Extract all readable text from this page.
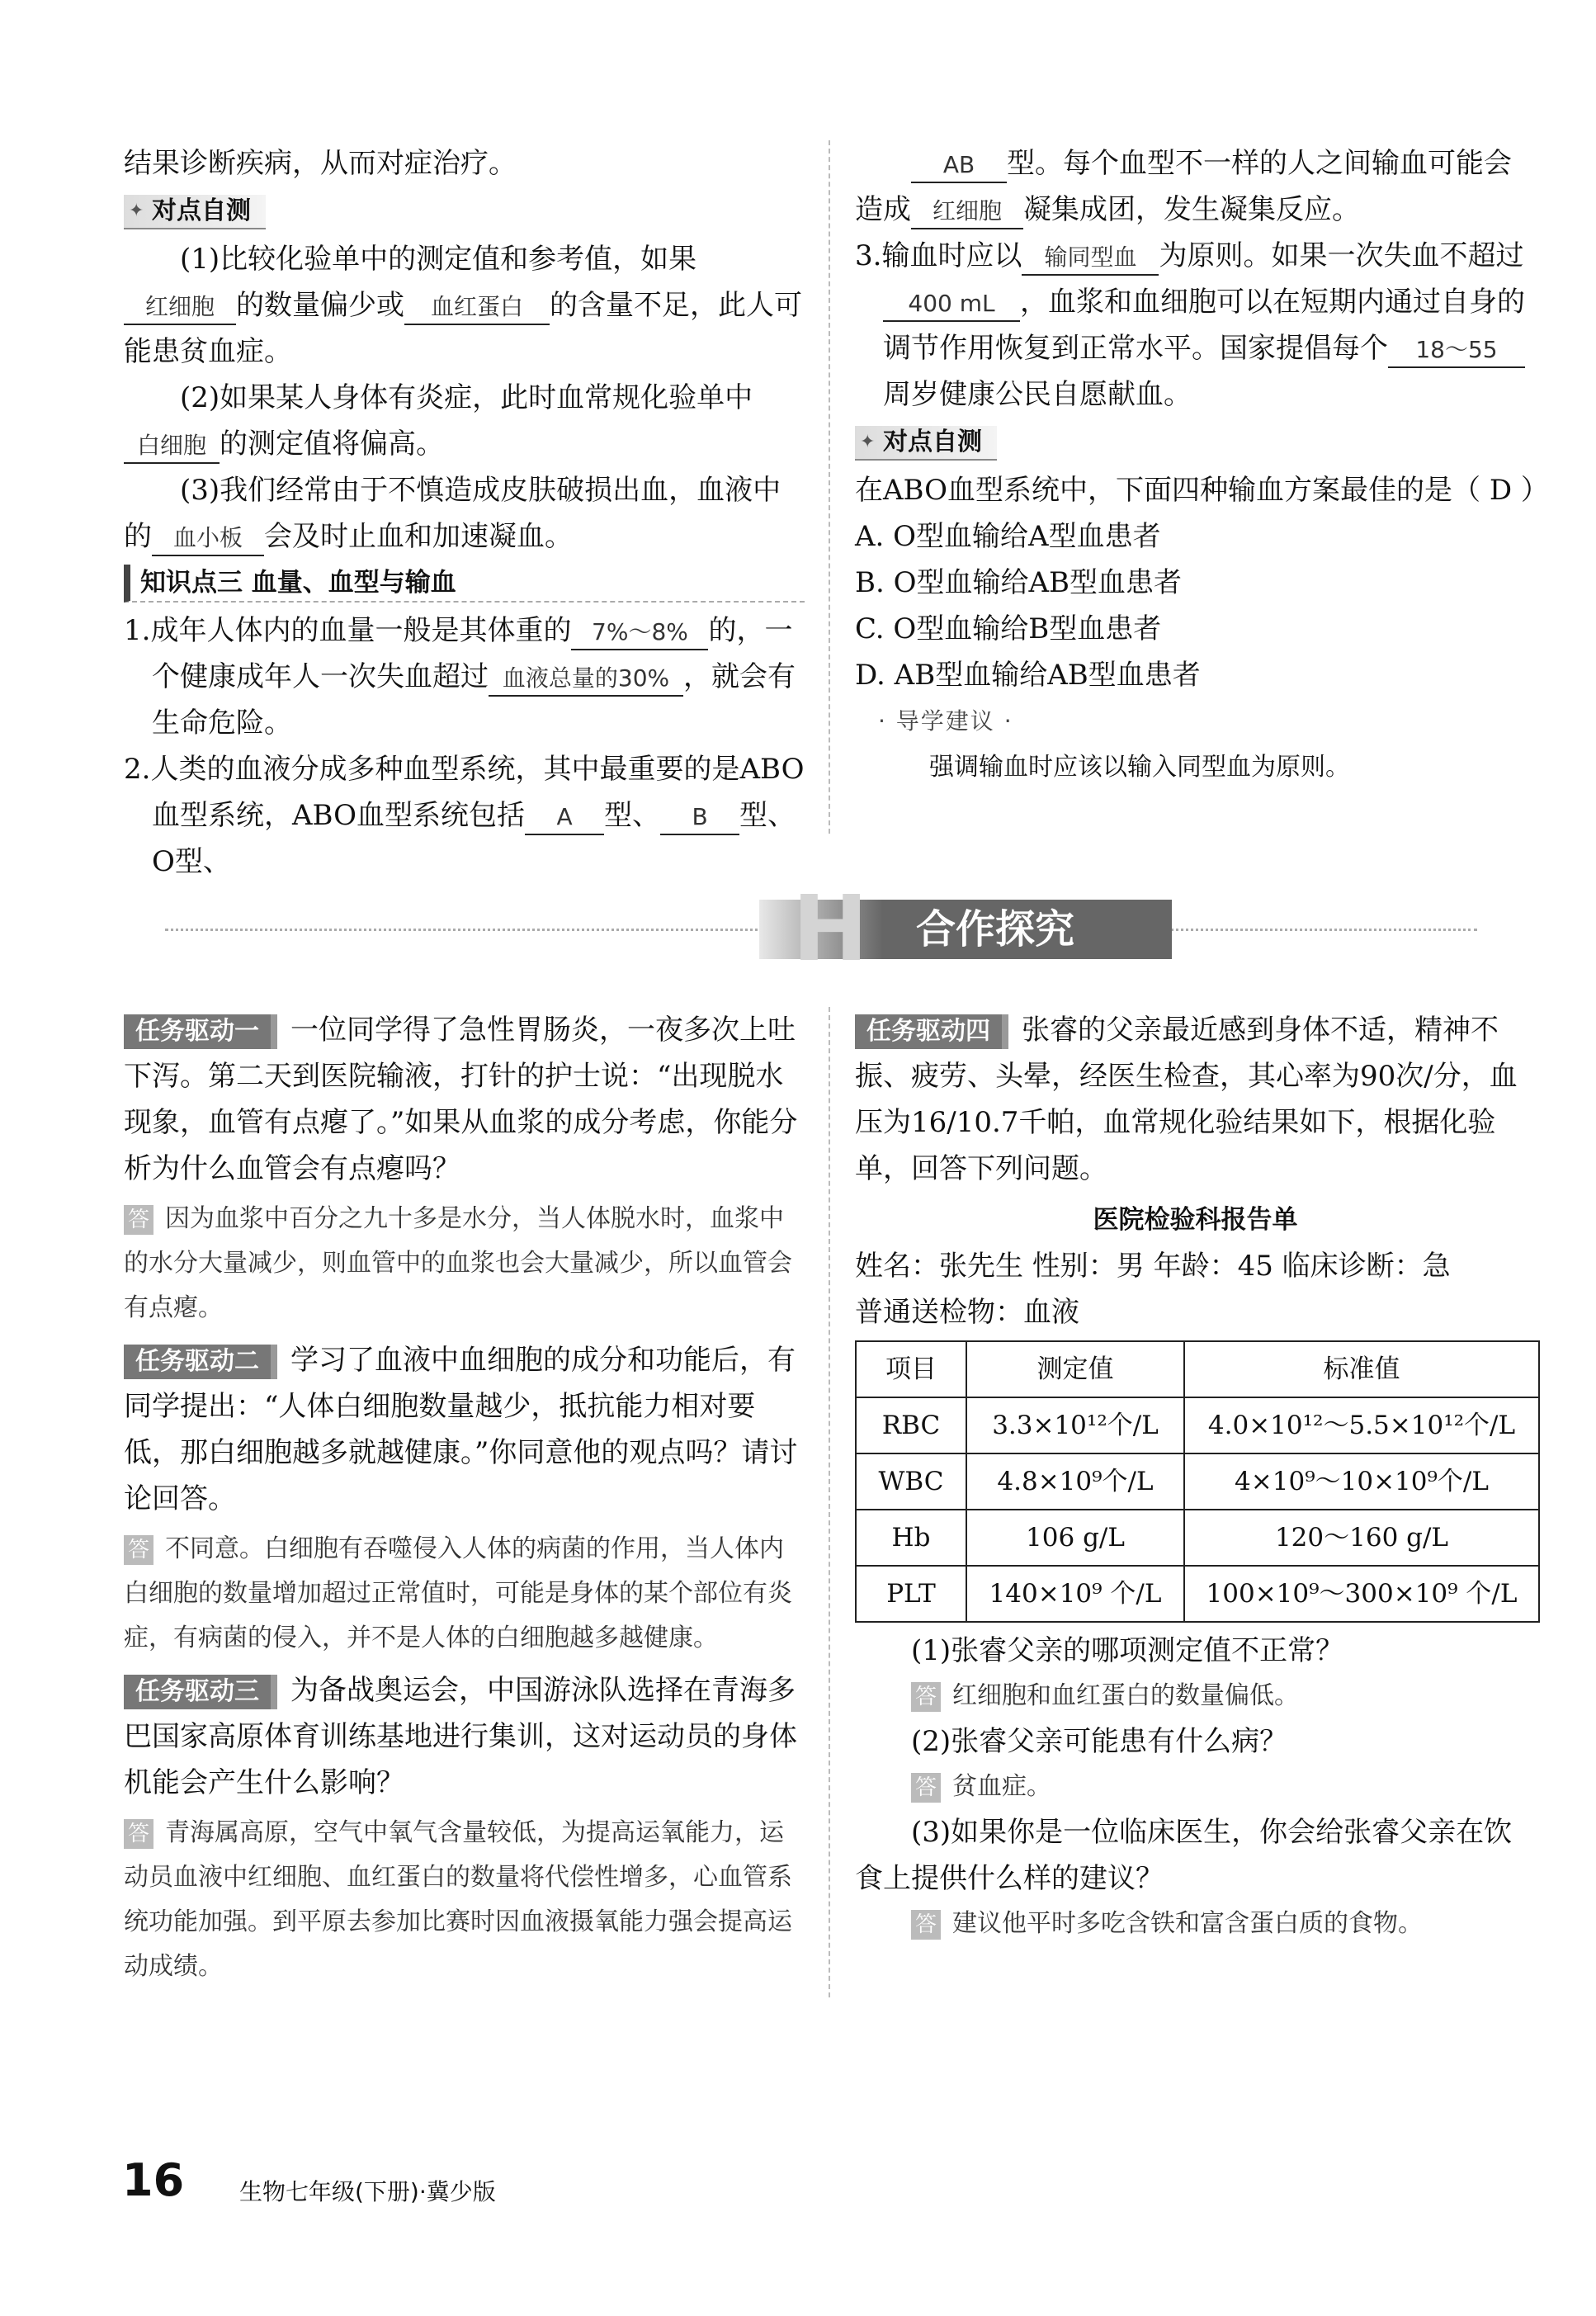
结果诊断疾病，从而对症治疗。

✦ 对点自测

(1)比较化验单中的测定值和参考值，如果红细胞 的数量偏少或 血红蛋白 的含量不足，此人可能患贫血症。

(2)如果某人身体有炎症，此时血常规化验单中白细胞 的测定值将偏高。

(3)我们经常由于不慎造成皮肤破损出血，血液中的 血小板 会及时止血和加速凝血。

知识点三 血量、血型与输血

1.成年人体内的血量一般是其体重的 7%～8% 的，一个健康成年人一次失血超过 血液总量的30% ，就会有生命危险。

2.人类的血液分成多种血型系统，其中最重要的是ABO血型系统，ABO血型系统包括 A 型、 B 型、O型、

AB 型。每个血型不一样的人之间输血可能会造成 红细胞 凝集成团，发生凝集反应。

3.输血时应以 输同型血 为原则。如果一次失血不超过400 mL ，血浆和血细胞可以在短期内通过自身的调节作用恢复到正常水平。国家提倡每个 18～55周岁健康公民自愿献血。

✦ 对点自测

在ABO血型系统中，下面四种输血方案最佳的是（ D ）

A. O型血输给A型血患者

B. O型血输给AB型血患者

C. O型血输给B型血患者

D. AB型血输给AB型血患者

· 导学建议 ·
强调输血时应该以输入同型血为原则。
合作探究
H

任务驱动一 一位同学得了急性胃肠炎，一夜多次上吐下泻。第二天到医院输液，打针的护士说：“出现脱水现象，血管有点瘪了。”如果从血浆的成分考虑，你能分析为什么血管会有点瘪吗？

答 因为血浆中百分之九十多是水分，当人体脱水时，血浆中的水分大量减少，则血管中的血浆也会大量减少，所以血管会有点瘪。

任务驱动二 学习了血液中血细胞的成分和功能后，有同学提出：“人体白细胞数量越少，抵抗能力相对要低，那白细胞越多就越健康。”你同意他的观点吗？请讨论回答。

答 不同意。白细胞有吞噬侵入人体的病菌的作用，当人体内白细胞的数量增加超过正常值时，可能是身体的某个部位有炎症，有病菌的侵入，并不是人体的白细胞越多越健康。

任务驱动三 为备战奥运会，中国游泳队选择在青海多巴国家高原体育训练基地进行集训，这对运动员的身体机能会产生什么影响？

答 青海属高原，空气中氧气含量较低，为提高运氧能力，运动员血液中红细胞、血红蛋白的数量将代偿性增多，心血管系统功能加强。到平原去参加比赛时因血液摄氧能力强会提高运动成绩。

任务驱动四 张睿的父亲最近感到身体不适，精神不振、疲劳、头晕，经医生检查，其心率为90次/分，血压为16/10.7千帕，血常规化验结果如下，根据化验单，回答下列问题。

医院检验科报告单

姓名：张先生 性别：男 年龄：45 临床诊断：急

普通送检物：血液

项目	测定值	标准值
RBC	3.3×10¹²个/L	4.0×10¹²～5.5×10¹²个/L
WBC	4.8×10⁹个/L	4×10⁹～10×10⁹个/L
Hb	106 g/L	120～160 g/L
PLT	140×10⁹ 个/L	100×10⁹～300×10⁹ 个/L

(1)张睿父亲的哪项测定值不正常？

答 红细胞和血红蛋白的数量偏低。

(2)张睿父亲可能患有什么病？

答 贫血症。

(3)如果你是一位临床医生，你会给张睿父亲在饮食上提供什么样的建议？

答 建议他平时多吃含铁和富含蛋白质的食物。

16 生物七年级(下册)·冀少版
